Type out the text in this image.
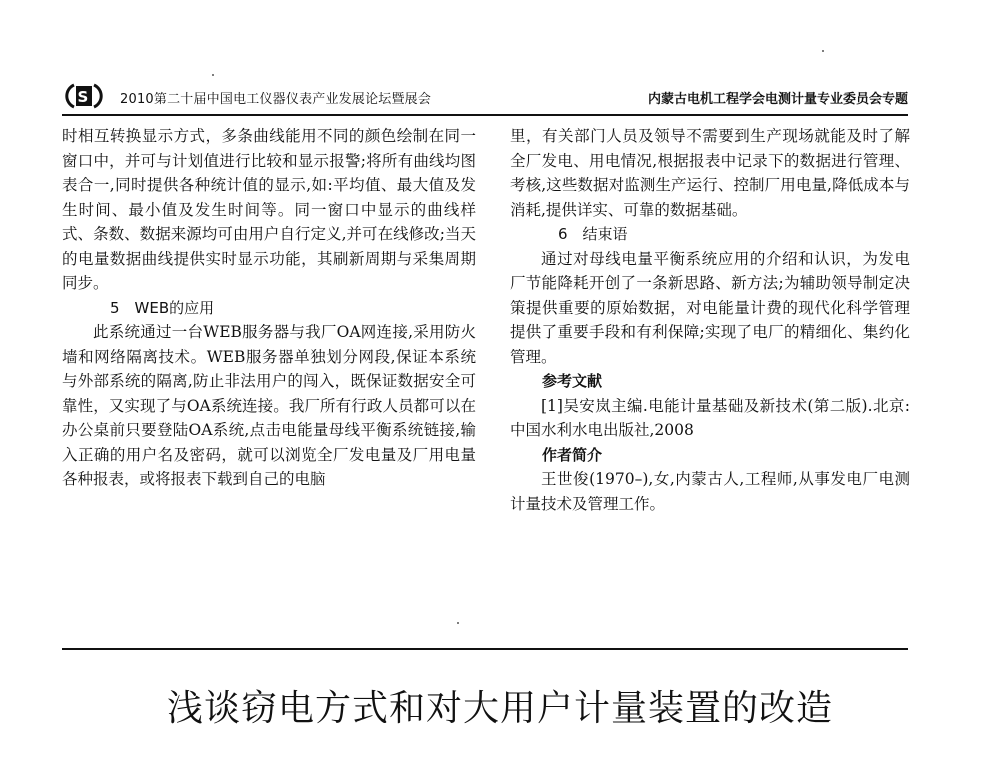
S 2010第二十届中国电工仪器仪表产业发展论坛暨展会	内蒙古电机工程学会电测计量专业委员会专题

时相互转换显示方式，多条曲线能用不同的颜色绘制在同一窗口中，并可与计划值进行比较和显示报警;将所有曲线均图表合一,同时提供各种统计值的显示,如:平均值、最大值及发生时间、最小值及发生时间等。同一窗口中显示的曲线样式、条数、数据来源均可由用户自行定义,并可在线修改;当天的电量数据曲线提供实时显示功能，其刷新周期与采集周期同步。

5　WEB的应用

此系统通过一台WEB服务器与我厂OA网连接,采用防火墙和网络隔离技术。WEB服务器单独划分网段,保证本系统与外部系统的隔离,防止非法用户的闯入，既保证数据安全可靠性，又实现了与OA系统连接。我厂所有行政人员都可以在办公桌前只要登陆OA系统,点击电能量母线平衡系统链接,输入正确的用户名及密码，就可以浏览全厂发电量及厂用电量各种报表，或将报表下载到自己的电脑

里，有关部门人员及领导不需要到生产现场就能及时了解全厂发电、用电情况,根据报表中记录下的数据进行管理、考核,这些数据对监测生产运行、控制厂用电量,降低成本与消耗,提供详实、可靠的数据基础。

6　结束语

通过对母线电量平衡系统应用的介绍和认识，为发电厂节能降耗开创了一条新思路、新方法;为辅助领导制定决策提供重要的原始数据，对电能量计费的现代化科学管理提供了重要手段和有利保障;实现了电厂的精细化、集约化管理。

参考文献

[1]吴安岚主编.电能计量基础及新技术(第二版).北京:中国水利水电出版社,2008

作者简介

王世俊(1970–),女,内蒙古人,工程师,从事发电厂电测计量技术及管理工作。

浅谈窃电方式和对大用户计量装置的改造
